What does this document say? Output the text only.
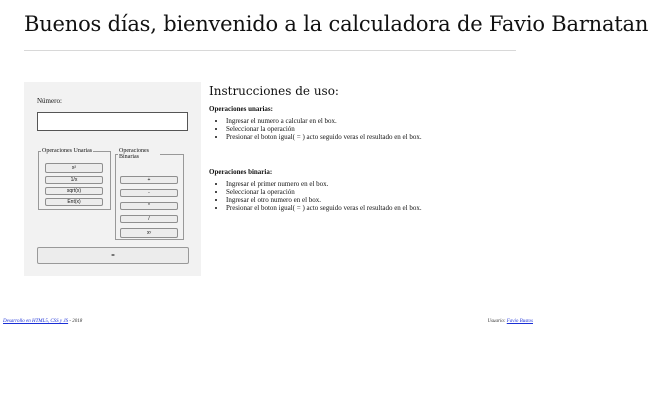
Buenos días, bienvenido a la calculadora de Favio Barnatan
Número:
Operaciones Unarias
x²
1/x
sqrt(x)
Ent(x)
Operaciones Binarias
+
-
*
/
xʸ
=
Instrucciones de uso:
Operaciones unarias:
• Ingresar el numero a calcular en el box.
• Seleccionar la operación
• Presionar el boton igual( = ) acto seguido veras el resultado en el box.
Operaciones binaria:
• Ingresar el primer numero en el box.
• Seleccionar la operación
• Ingresar el otro numero en el box.
• Presionar el boton igual( = ) acto seguido veras el resultado en el box.
Desarrollo en HTML5, CSS y JS - 2018	Usuario: Favio Bustos
